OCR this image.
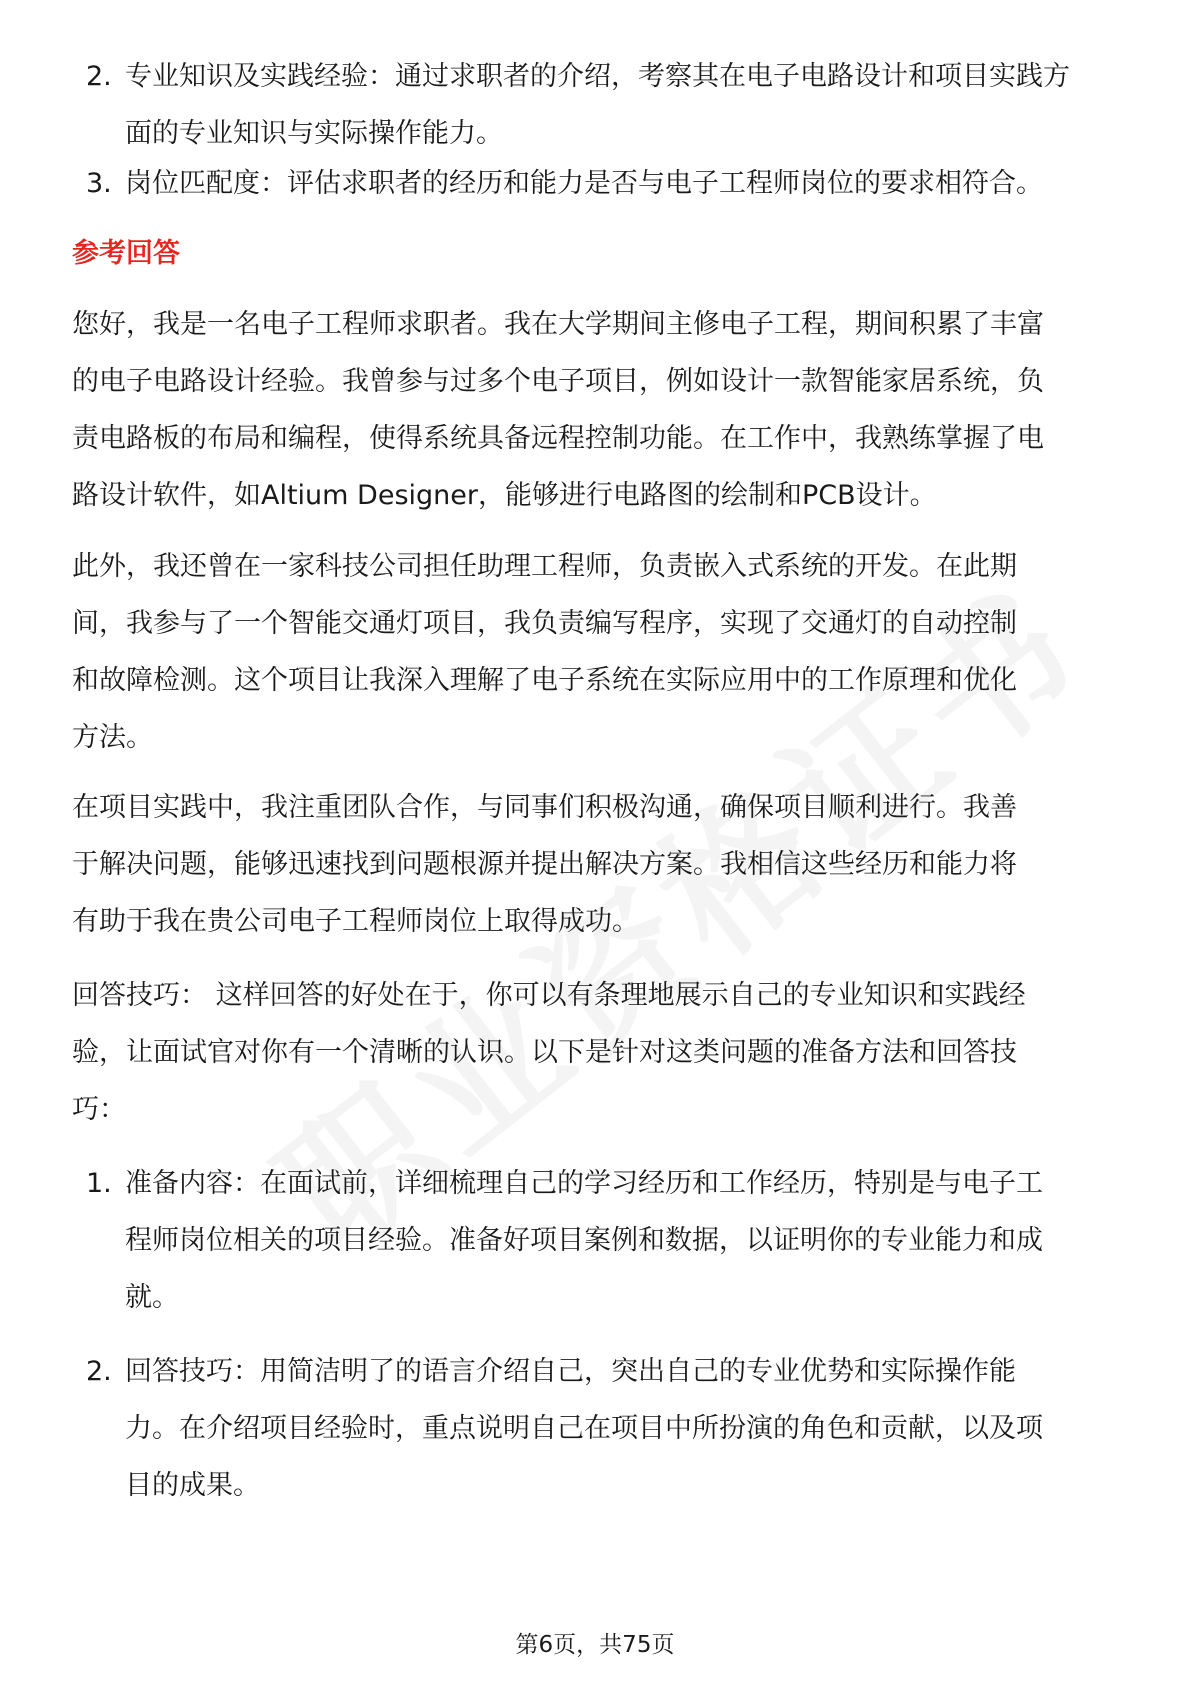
2. 专业知识及实践经验：通过求职者的介绍，考察其在电子电路设计和项目实践方面的专业知识与实际操作能力。
3. 岗位匹配度：评估求职者的经历和能力是否与电子工程师岗位的要求相符合。
参考回答
您好，我是一名电子工程师求职者。我在大学期间主修电子工程，期间积累了丰富的电子电路设计经验。我曾参与过多个电子项目，例如设计一款智能家居系统，负责电路板的布局和编程，使得系统具备远程控制功能。在工作中，我熟练掌握了电路设计软件，如Altium Designer，能够进行电路图的绘制和PCB设计。
此外，我还曾在一家科技公司担任助理工程师，负责嵌入式系统的开发。在此期间，我参与了一个智能交通灯项目，我负责编写程序，实现了交通灯的自动控制和故障检测。这个项目让我深入理解了电子系统在实际应用中的工作原理和优化方法。
在项目实践中，我注重团队合作，与同事们积极沟通，确保项目顺利进行。我善于解决问题，能够迅速找到问题根源并提出解决方案。我相信这些经历和能力将有助于我在贵公司电子工程师岗位上取得成功。
回答技巧： 这样回答的好处在于，你可以有条理地展示自己的专业知识和实践经验，让面试官对你有一个清晰的认识。以下是针对这类问题的准备方法和回答技巧：
1. 准备内容：在面试前，详细梳理自己的学习经历和工作经历，特别是与电子工程师岗位相关的项目经验。准备好项目案例和数据，以证明你的专业能力和成就。
2. 回答技巧：用简洁明了的语言介绍自己，突出自己的专业优势和实际操作能力。在介绍项目经验时，重点说明自己在项目中所扮演的角色和贡献，以及项目的成果。
第6页，共75页
